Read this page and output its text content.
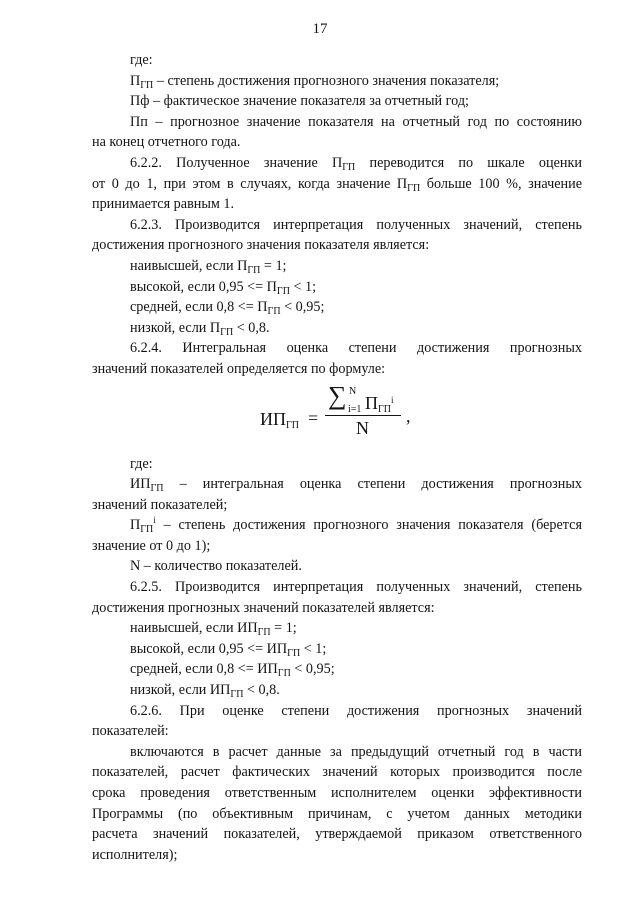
17
где:
$П_{ГП}$ – степень достижения прогнозного значения показателя;
Пф – фактическое значение показателя за отчетный год;
Пп – прогнозное значение показателя на отчетный год по состоянию
на конец отчетного года.
6.2.2. Полученное значение $П_{ГП}$ переводится по шкале оценки
от 0 до 1, при этом в случаях, когда значение $П_{ГП}$ больше 100 %, значение
принимается равным 1.
6.2.3. Производится интерпретация полученных значений, степень
достижения прогнозного значения показателя является:
наивысшей, если $П_{ГП} = 1$;
высокой, если $0,95 <= П_{ГП} < 1$;
средней, если $0,8 <= П_{ГП} < 0,95$;
низкой, если $П_{ГП} < 0,8$.
6.2.4. Интегральная оценка степени достижения прогнозных
значений показателей определяется по формуле:
$ИП_{ГП}$ =
∑ N
i=1 $П_{ГП}^i$
N
,
где:
$ИП_{ГП}$ – интегральная оценка степени достижения прогнозных
значений показателей;
$П_{ГП}^i$ – степень достижения прогнозного значения показателя (берется
значение от 0 до 1);
N – количество показателей.
6.2.5. Производится интерпретация полученных значений, степень
достижения прогнозных значений показателей является:
наивысшей, если $ИП_{ГП} = 1$;
высокой, если $0,95 <= ИП_{ГП} < 1$;
средней, если $0,8 <= ИП_{ГП} < 0,95$;
низкой, если $ИП_{ГП} < 0,8$.
6.2.6. При оценке степени достижения прогнозных значений
показателей:
включаются в расчет данные за предыдущий отчетный год в части
показателей, расчет фактических значений которых производится после
срока проведения ответственным исполнителем оценки эффективности
Программы (по объективным причинам, с учетом данных методики
расчета значений показателей, утверждаемой приказом ответственного
исполнителя);
